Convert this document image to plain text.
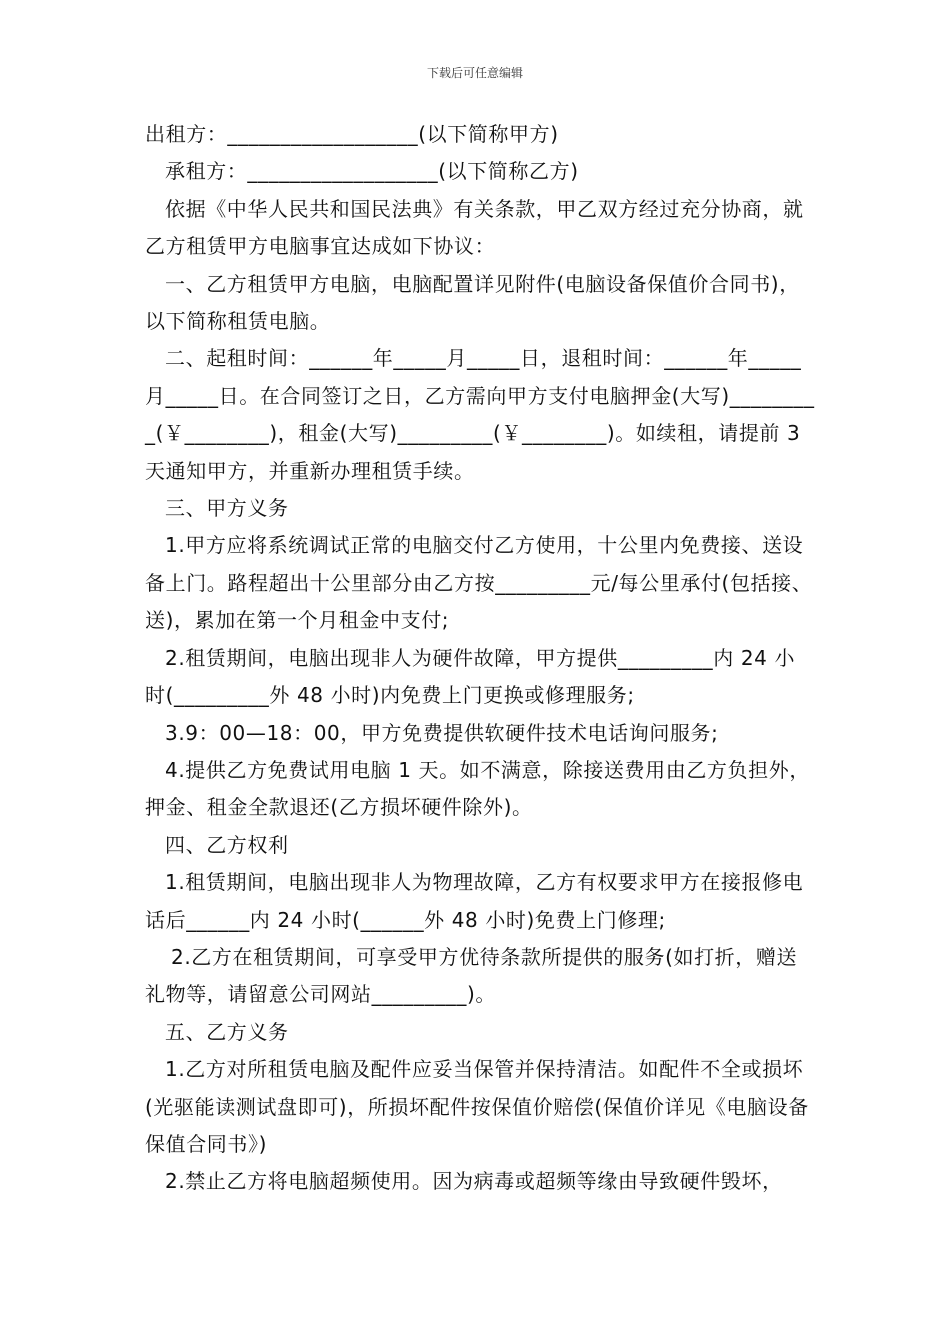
下载后可任意编辑

出租方：__________________(以下简称甲方)

承租方：__________________(以下简称乙方)

依据《中华人民共和国民法典》有关条款，甲乙双方经过充分协商，就乙方租赁甲方电脑事宜达成如下协议：

一、乙方租赁甲方电脑，电脑配置详见附件(电脑设备保值价合同书)，以下简称租赁电脑。

二、起租时间：______年_____月_____日，退租时间：______年_____月_____日。在合同签订之日，乙方需向甲方支付电脑押金(大写)_________(￥________)，租金(大写)_________(￥________)。如续租，请提前 3 天通知甲方，并重新办理租赁手续。

三、甲方义务

1.甲方应将系统调试正常的电脑交付乙方使用，十公里内免费接、送设备上门。路程超出十公里部分由乙方按_________元/每公里承付(包括接、送)，累加在第一个月租金中支付;

2.租赁期间，电脑出现非人为硬件故障，甲方提供_________内 24 小时(_________外 48 小时)内免费上门更换或修理服务;

3.9：00—18：00，甲方免费提供软硬件技术电话询问服务;

4.提供乙方免费试用电脑 1 天。如不满意，除接送费用由乙方负担外，押金、租金全款退还(乙方损坏硬件除外)。

四、乙方权利

1.租赁期间，电脑出现非人为物理故障，乙方有权要求甲方在接报修电话后______内 24 小时(______外 48 小时)免费上门修理;

2.乙方在租赁期间，可享受甲方优待条款所提供的服务(如打折，赠送礼物等，请留意公司网站_________)。

五、乙方义务

1.乙方对所租赁电脑及配件应妥当保管并保持清洁。如配件不全或损坏(光驱能读测试盘即可)，所损坏配件按保值价赔偿(保值价详见《电脑设备保值合同书》)

2.禁止乙方将电脑超频使用。因为病毒或超频等缘由导致硬件毁坏，
